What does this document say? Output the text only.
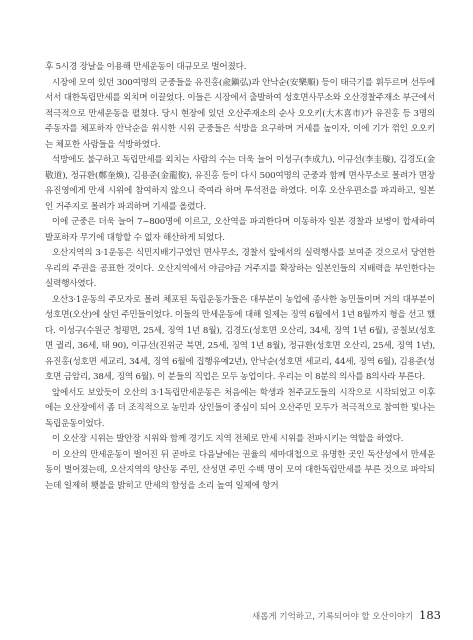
후 5시경 장날을 이용해 만세운동이 대규모로 벌어졌다.

시장에 모여 있던 300여명의 군중들을 유진홍(兪鎭弘)과 안낙순(安樂順) 등이 태극기를 휘두르며 선두에 서서 대한독립만세를 외치며 이끌었다. 이들은 시장에서 출발하여 성호면사무소와 오산경찰주재소 부근에서 적극적으로 만세운동을 펼쳤다. 당시 현장에 있던 오산주재소의 순사 오오키(大木喜市)가 유진홍 등 3명의 주동자를 체포하자 안낙순을 위시한 시위 군중들은 석방을 요구하며 거세를 높이자, 이에 기가 꺾인 오오키는 체포한 사람들을 석방하였다.

석방에도 불구하고 독립만세를 외치는 사람의 수는 더욱 늘어 이성구(李成九), 이규선(李圭璇), 김경도(金敬道), 정규환(鄭奎煥), 김용준(金龍俊), 유진홍 등이 다시 500여명의 군중과 함께 면사무소로 몰려가 면장 유진영에게 만세 시위에 참여하지 않으니 죽여라 하며 투석전을 하였다. 이후 오산우편소를 파괴하고, 일본인 거주지로 몰려가 파괴하며 기세를 올렸다.

이에 군중은 더욱 늘어 7~800명에 이르고, 오산역을 파괴한다며 이동하자 일본 경찰과 보병이 합세하여 발포하자 무기에 대항할 수 없자 해산하게 되었다.

오산지역의 3·1운동은 식민지배기구였던 면사무소, 경찰서 앞에서의 실력행사를 보여준 것으로서 당연한 우리의 주권을 공표한 것이다. 오산지역에서 야금야금 거주지를 확장하는 일본인들의 지배력을 부인한다는 실력행사였다.

오산3·1운동의 주모자로 몰려 체포된 독립운동가들은 대부분이 농업에 종사한 농민들이며 거의 대부분이 성호면(오산)에 살던 주민들이었다. 이들의 만세운동에 대해 일제는 징역 6월에서 1년 8월까지 형을 선고 했다. 이성구(수원군 청평면, 25세, 징역 1년 8월), 김경도(성호면 오산리, 34세, 징역 1년 6월), 공칠보(성호면 궐리, 36세, 태 90), 이규선(진위군 북면, 25세, 징역 1년 8월), 정규환(성호면 오산리, 25세, 징역 1년), 유진홍(성호면 세교리, 34세, 징역 6월에 집행유예2년), 안낙순(성호면 세교리, 44세, 징역 6월), 김용준(성호면 금암리, 38세, 징역 6월). 이 분들의 직업은 모두 농업이다. 우리는 이 8분의 의사를 8의사라 부른다.

앞에서도 보았듯이 오산의 3·1독립만세운동은 처음에는 학생과 천주교도들의 시작으로 시작되었고 이후에는 오산장에서 좀 더 조직적으로 농민과 상인들이 중심이 되어 오산주민 모두가 적극적으로 참여한 빛나는 독립운동이었다.

이 오산장 시위는 발안장 시위와 함께 경기도 지역 전체로 만세 시위를 전파시키는 역할을 하였다.

이 오산의 만세운동이 벌어진 뒤 곧바로 다음날에는 권율의 세마대첩으로 유명한 곳인 독산성에서 만세운동이 벌어졌는데, 오산지역의 양산동 주민, 산성면 주민 수백 명이 모여 대한독립만세를 부른 것으로 파악되는데 일제히 횃불을 밝히고 만세의 함성을 소리 높여 일제에 항거

새롭게 기억하고, 기록되어야 할 오산이야기 183
